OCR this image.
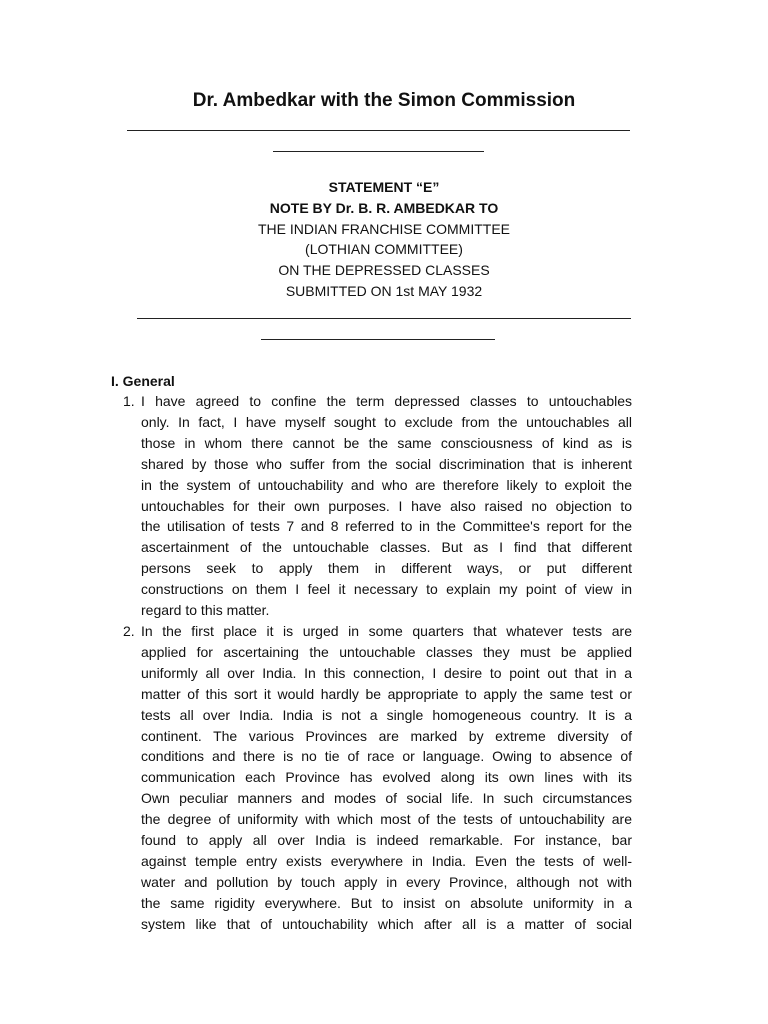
Dr. Ambedkar with the Simon Commission
STATEMENT “E”
NOTE BY Dr. B. R. AMBEDKAR TO
THE INDIAN FRANCHISE COMMITTEE
(LOTHIAN COMMITTEE)
ON THE DEPRESSED CLASSES
SUBMITTED ON 1st MAY 1932
I. General
1. I have agreed to confine the term depressed classes to untouchables
only. In fact, I have myself sought to exclude from the untouchables all
those in whom there cannot be the same consciousness of kind as is
shared by those who suffer from the social discrimination that is inherent
in the system of untouchability and who are therefore likely to exploit the
untouchables for their own purposes. I have also raised no objection to
the utilisation of tests 7 and 8 referred to in the Committee's report for the
ascertainment of the untouchable classes. But as I find that different
persons seek to apply them in different ways, or put different
constructions on them I feel it necessary to explain my point of view in
regard to this matter.
2. In the first place it is urged in some quarters that whatever tests are
applied for ascertaining the untouchable classes they must be applied
uniformly all over India. In this connection, I desire to point out that in a
matter of this sort it would hardly be appropriate to apply the same test or
tests all over India. India is not a single homogeneous country. It is a
continent. The various Provinces are marked by extreme diversity of
conditions and there is no tie of race or language. Owing to absence of
communication each Province has evolved along its own lines with its
Own peculiar manners and modes of social life. In such circumstances
the degree of uniformity with which most of the tests of untouchability are
found to apply all over India is indeed remarkable. For instance, bar
against temple entry exists everywhere in India. Even the tests of well-
water and pollution by touch apply in every Province, although not with
the same rigidity everywhere. But to insist on absolute uniformity in a
system like that of untouchability which after all is a matter of social
